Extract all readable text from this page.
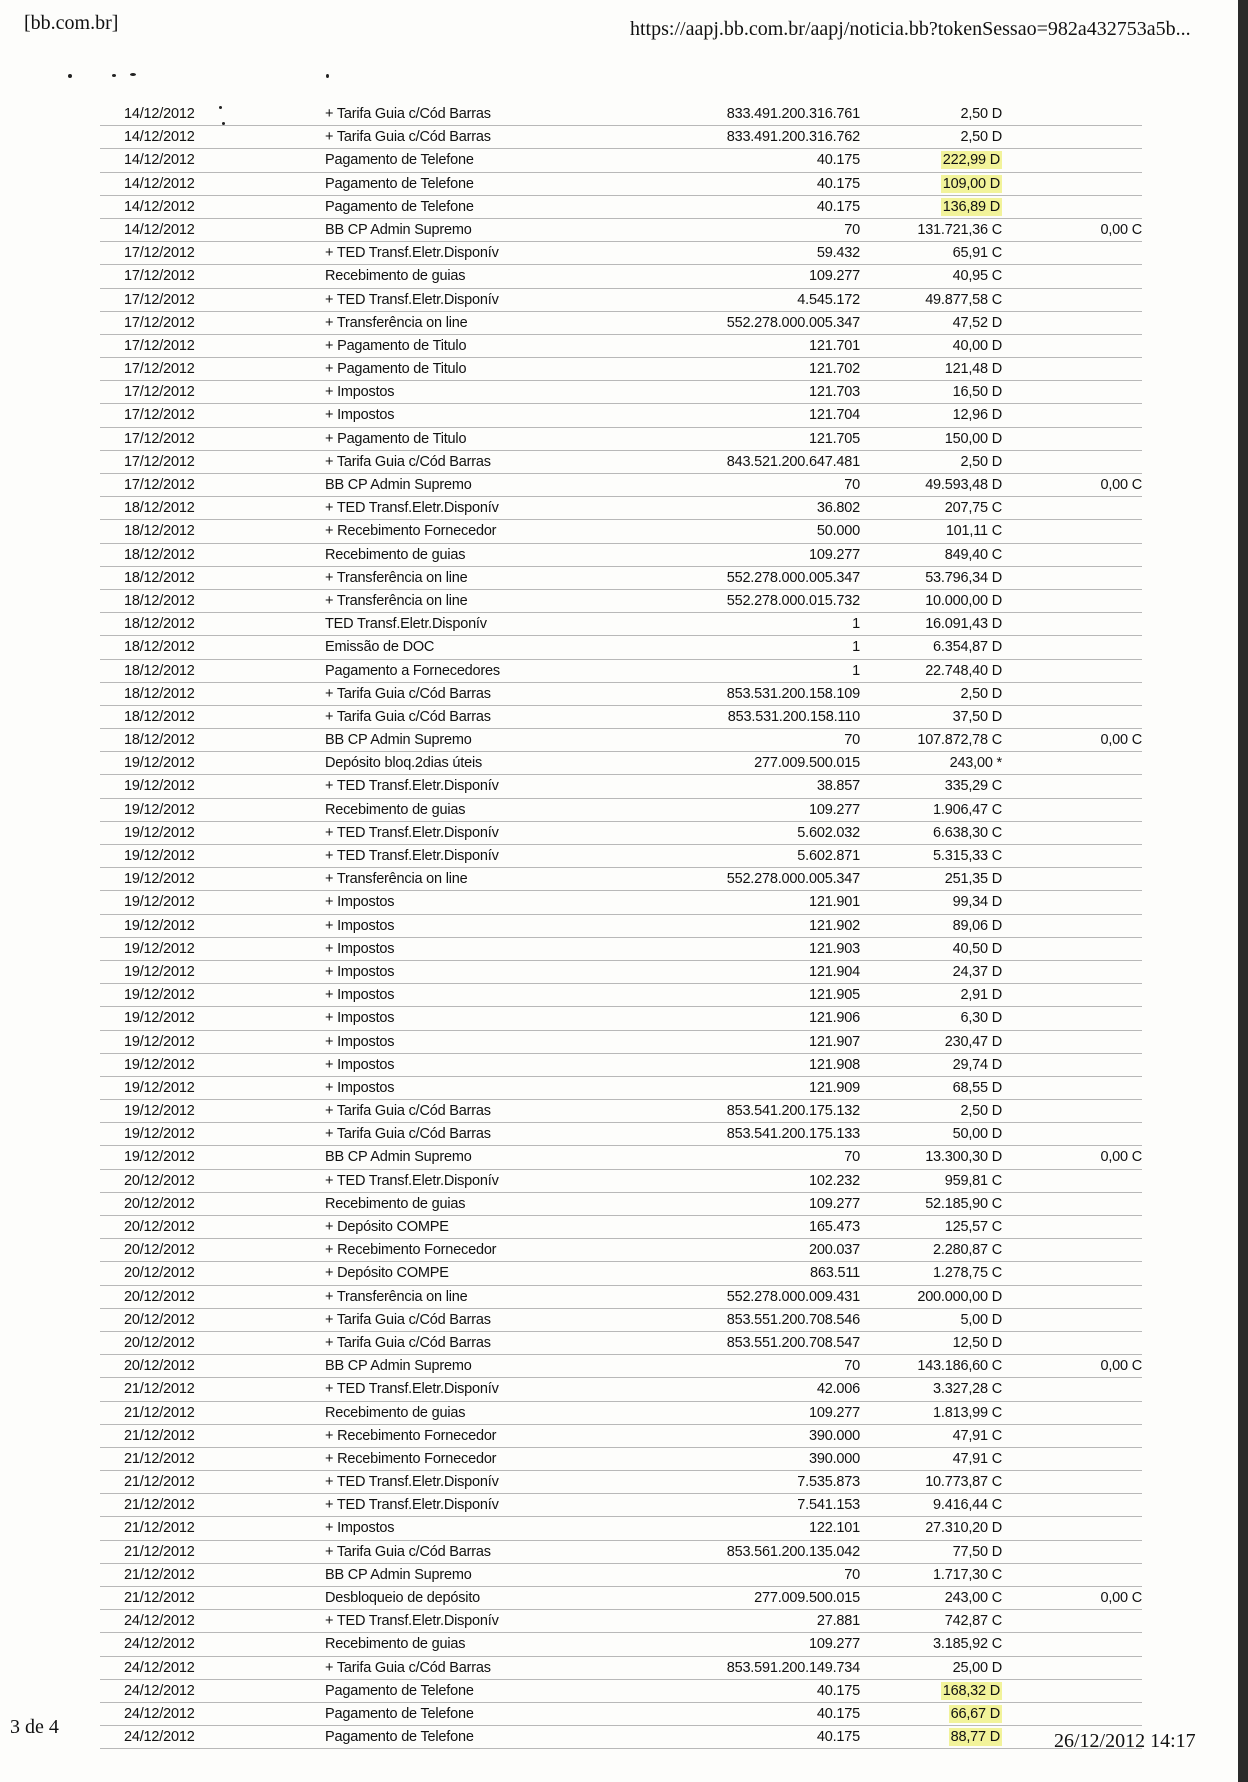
[bb.com.br]	https://aapj.bb.com.br/aapj/noticia.bb?tokenSessao=982a432753a5b...
14/12/2012	+ Tarifa Guia c/Cód Barras	833.491.200.316.761	2,50 D
14/12/2012	+ Tarifa Guia c/Cód Barras	833.491.200.316.762	2,50 D
14/12/2012	Pagamento de Telefone	40.175	222,99 D
14/12/2012	Pagamento de Telefone	40.175	109,00 D
14/12/2012	Pagamento de Telefone	40.175	136,89 D
14/12/2012	BB CP Admin Supremo	70	131.721,36 C	0,00 C
17/12/2012	+ TED Transf.Eletr.Disponív	59.432	65,91 C
17/12/2012	Recebimento de guias	109.277	40,95 C
17/12/2012	+ TED Transf.Eletr.Disponív	4.545.172	49.877,58 C
17/12/2012	+ Transferência on line	552.278.000.005.347	47,52 D
17/12/2012	+ Pagamento de Titulo	121.701	40,00 D
17/12/2012	+ Pagamento de Titulo	121.702	121,48 D
17/12/2012	+ Impostos	121.703	16,50 D
17/12/2012	+ Impostos	121.704	12,96 D
17/12/2012	+ Pagamento de Titulo	121.705	150,00 D
17/12/2012	+ Tarifa Guia c/Cód Barras	843.521.200.647.481	2,50 D
17/12/2012	BB CP Admin Supremo	70	49.593,48 D	0,00 C
18/12/2012	+ TED Transf.Eletr.Disponív	36.802	207,75 C
18/12/2012	+ Recebimento Fornecedor	50.000	101,11 C
18/12/2012	Recebimento de guias	109.277	849,40 C
18/12/2012	+ Transferência on line	552.278.000.005.347	53.796,34 D
18/12/2012	+ Transferência on line	552.278.000.015.732	10.000,00 D
18/12/2012	TED Transf.Eletr.Disponív	1	16.091,43 D
18/12/2012	Emissão de DOC	1	6.354,87 D
18/12/2012	Pagamento a Fornecedores	1	22.748,40 D
18/12/2012	+ Tarifa Guia c/Cód Barras	853.531.200.158.109	2,50 D
18/12/2012	+ Tarifa Guia c/Cód Barras	853.531.200.158.110	37,50 D
18/12/2012	BB CP Admin Supremo	70	107.872,78 C	0,00 C
19/12/2012	Depósito bloq.2dias úteis	277.009.500.015	243,00 *
19/12/2012	+ TED Transf.Eletr.Disponív	38.857	335,29 C
19/12/2012	Recebimento de guias	109.277	1.906,47 C
19/12/2012	+ TED Transf.Eletr.Disponív	5.602.032	6.638,30 C
19/12/2012	+ TED Transf.Eletr.Disponív	5.602.871	5.315,33 C
19/12/2012	+ Transferência on line	552.278.000.005.347	251,35 D
19/12/2012	+ Impostos	121.901	99,34 D
19/12/2012	+ Impostos	121.902	89,06 D
19/12/2012	+ Impostos	121.903	40,50 D
19/12/2012	+ Impostos	121.904	24,37 D
19/12/2012	+ Impostos	121.905	2,91 D
19/12/2012	+ Impostos	121.906	6,30 D
19/12/2012	+ Impostos	121.907	230,47 D
19/12/2012	+ Impostos	121.908	29,74 D
19/12/2012	+ Impostos	121.909	68,55 D
19/12/2012	+ Tarifa Guia c/Cód Barras	853.541.200.175.132	2,50 D
19/12/2012	+ Tarifa Guia c/Cód Barras	853.541.200.175.133	50,00 D
19/12/2012	BB CP Admin Supremo	70	13.300,30 D	0,00 C
20/12/2012	+ TED Transf.Eletr.Disponív	102.232	959,81 C
20/12/2012	Recebimento de guias	109.277	52.185,90 C
20/12/2012	+ Depósito COMPE	165.473	125,57 C
20/12/2012	+ Recebimento Fornecedor	200.037	2.280,87 C
20/12/2012	+ Depósito COMPE	863.511	1.278,75 C
20/12/2012	+ Transferência on line	552.278.000.009.431	200.000,00 D
20/12/2012	+ Tarifa Guia c/Cód Barras	853.551.200.708.546	5,00 D
20/12/2012	+ Tarifa Guia c/Cód Barras	853.551.200.708.547	12,50 D
20/12/2012	BB CP Admin Supremo	70	143.186,60 C	0,00 C
21/12/2012	+ TED Transf.Eletr.Disponív	42.006	3.327,28 C
21/12/2012	Recebimento de guias	109.277	1.813,99 C
21/12/2012	+ Recebimento Fornecedor	390.000	47,91 C
21/12/2012	+ Recebimento Fornecedor	390.000	47,91 C
21/12/2012	+ TED Transf.Eletr.Disponív	7.535.873	10.773,87 C
21/12/2012	+ TED Transf.Eletr.Disponív	7.541.153	9.416,44 C
21/12/2012	+ Impostos	122.101	27.310,20 D
21/12/2012	+ Tarifa Guia c/Cód Barras	853.561.200.135.042	77,50 D
21/12/2012	BB CP Admin Supremo	70	1.717,30 C
21/12/2012	Desbloqueio de depósito	277.009.500.015	243,00 C	0,00 C
24/12/2012	+ TED Transf.Eletr.Disponív	27.881	742,87 C
24/12/2012	Recebimento de guias	109.277	3.185,92 C
24/12/2012	+ Tarifa Guia c/Cód Barras	853.591.200.149.734	25,00 D
24/12/2012	Pagamento de Telefone	40.175	168,32 D
24/12/2012	Pagamento de Telefone	40.175	66,67 D
24/12/2012	Pagamento de Telefone	40.175	88,77 D
3 de 4
26/12/2012 14:17
